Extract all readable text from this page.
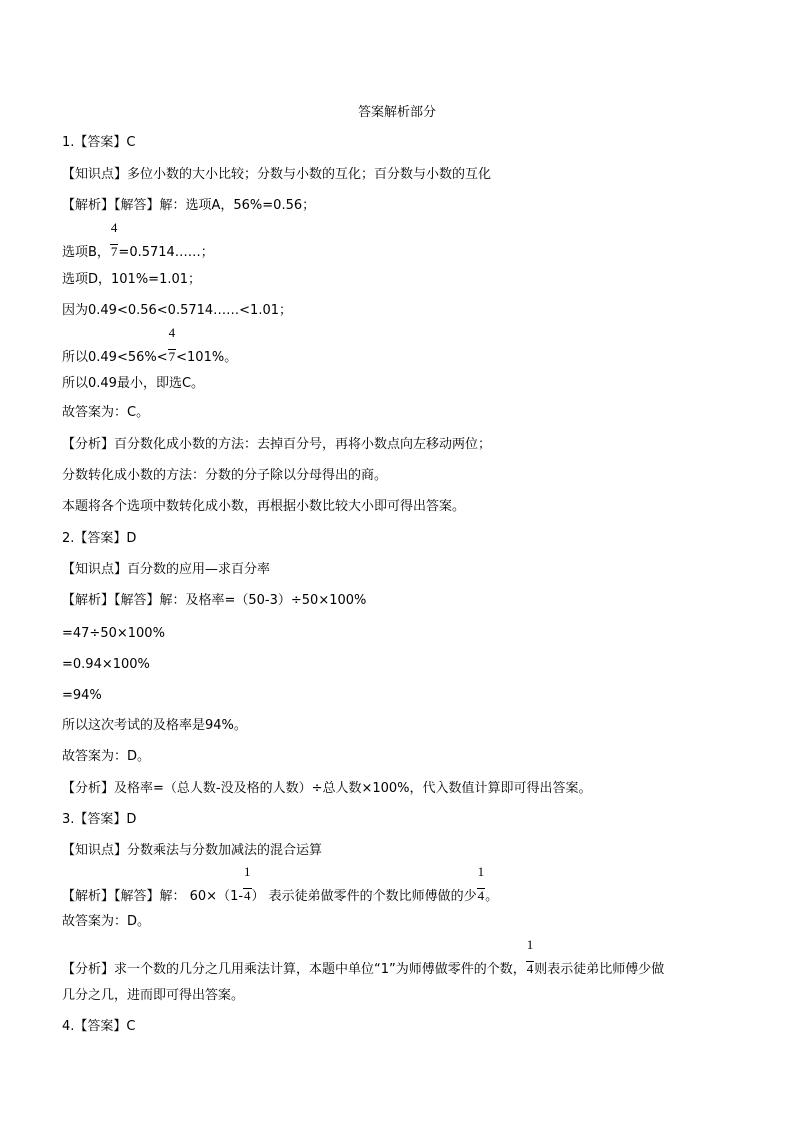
答案解析部分
1.【答案】C
【知识点】多位小数的大小比较；分数与小数的互化；百分数与小数的互化
【解析】【解答】解：选项A，56%=0.56；
选项B， $\frac{4}{7}=0.5714\dots\dots$；
选项D，101%=1.01；
因为0.49<0.56<0.5714……<1.01；
所以$0.49<56\%< \frac{4}{7}<101\%$。
所以0.49最小，即选C。
故答案为：C。
【分析】百分数化成小数的方法：去掉百分号，再将小数点向左移动两位；
分数转化成小数的方法：分数的分子除以分母得出的商。
本题将各个选项中数转化成小数，再根据小数比较大小即可得出答案。
2.【答案】D
【知识点】百分数的应用—求百分率
【解析】【解答】解：及格率=（50-3）÷50×100%
=47÷50×100%
=0.94×100%
=94%
所以这次考试的及格率是94%。
故答案为：D。
【分析】及格率=（总人数-没及格的人数）÷总人数×100%，代入数值计算即可得出答案。
3.【答案】D
【知识点】分数乘法与分数加减法的混合运算
【解析】【解答】解： $60\times(1- \frac{1}{4})$ 表示徒弟做零件的个数比师傅做的少 $\frac{1}{4}$。
故答案为：D。
【分析】求一个数的几分之几用乘法计算，本题中单位“1”为师傅做零件的个数， $\frac{1}{4}$则表示徒弟比师傅少做
几分之几，进而即可得出答案。
4.【答案】C
